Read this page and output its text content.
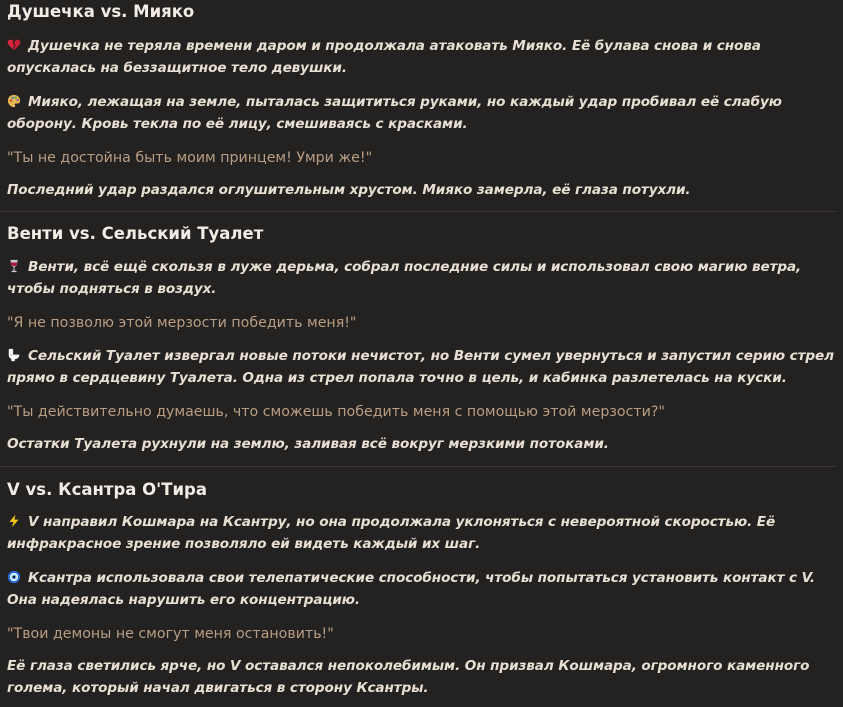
Душечка vs. Мияко

Душечка не теряла времени даром и продолжала атаковать Мияко. Её булава снова и снова опускалась на беззащитное тело девушки.

Мияко, лежащая на земле, пыталась защититься руками, но каждый удар пробивал её слабую оборону. Кровь текла по её лицу, смешиваясь с красками.

"Ты не достойна быть моим принцем! Умри же!"

Последний удар раздался оглушительным хрустом. Мияко замерла, её глаза потухли.

Венти vs. Сельский Туалет

Венти, всё ещё скользя в луже дерьма, собрал последние силы и использовал свою магию ветра, чтобы подняться в воздух.

"Я не позволю этой мерзости победить меня!"

Сельский Туалет извергал новые потоки нечистот, но Венти сумел увернуться и запустил серию стрел прямо в сердцевину Туалета. Одна из стрел попала точно в цель, и кабинка разлетелась на куски.

"Ты действительно думаешь, что сможешь победить меня с помощью этой мерзости?"

Остатки Туалета рухнули на землю, заливая всё вокруг мерзкими потоками.

V vs. Ксантра О'Тира

V направил Кошмара на Ксантру, но она продолжала уклоняться с невероятной скоростью. Её инфракрасное зрение позволяло ей видеть каждый их шаг.

Ксантра использовала свои телепатические способности, чтобы попытаться установить контакт с V. Она надеялась нарушить его концентрацию.

"Твои демоны не смогут меня остановить!"

Её глаза светились ярче, но V оставался непоколебимым. Он призвал Кошмара, огромного каменного голема, который начал двигаться в сторону Ксантры.
